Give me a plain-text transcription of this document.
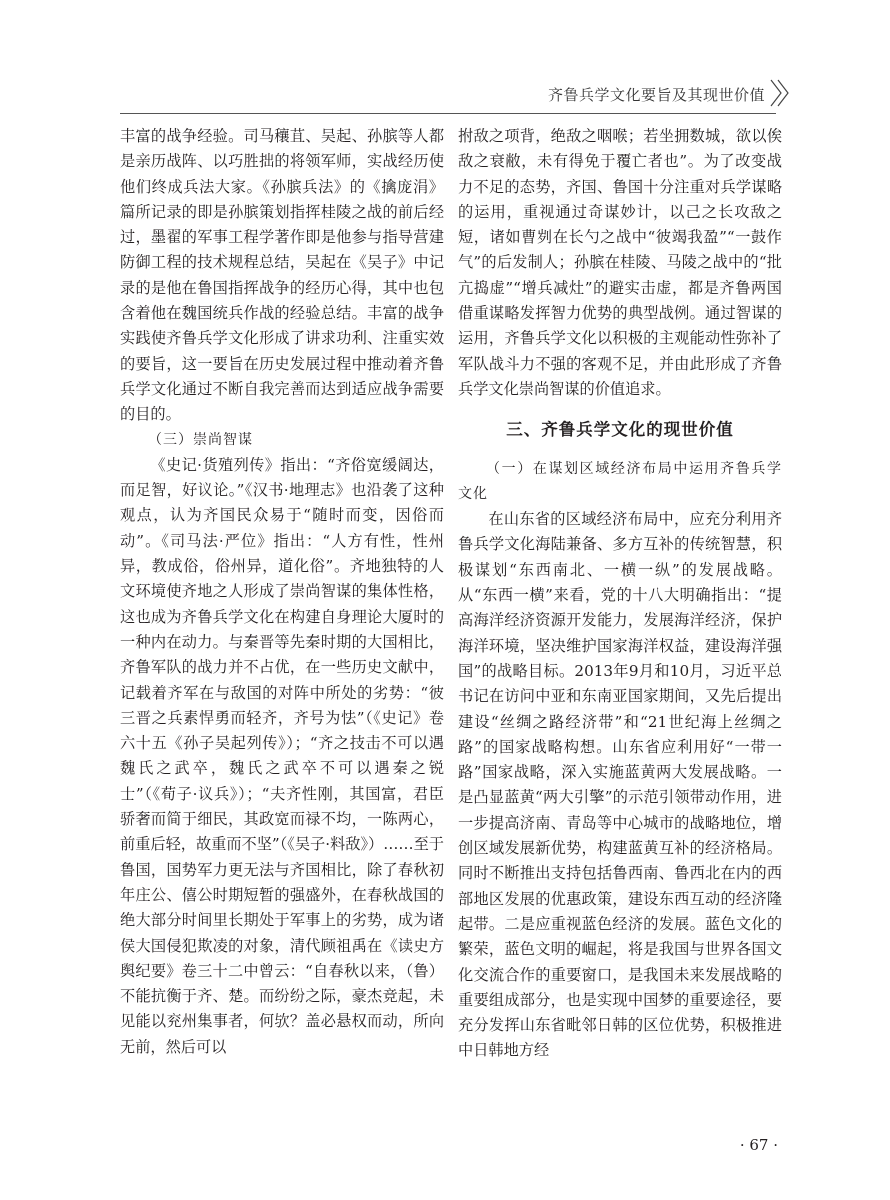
齐鲁兵学文化要旨及其现世价值

丰富的战争经验。司马穰苴、吴起、孙膑等人都是亲历战阵、以巧胜拙的将领军师，实战经历使他们终成兵法大家。《孙膑兵法》的《擒庞涓》篇所记录的即是孙膑策划指挥桂陵之战的前后经过，墨翟的军事工程学著作即是他参与指导营建防御工程的技术规程总结，吴起在《吴子》中记录的是他在鲁国指挥战争的经历心得，其中也包含着他在魏国统兵作战的经验总结。丰富的战争实践使齐鲁兵学文化形成了讲求功利、注重实效的要旨，这一要旨在历史发展过程中推动着齐鲁兵学文化通过不断自我完善而达到适应战争需要的目的。

（三）崇尚智谋

《史记·货殖列传》指出：“齐俗宽缓阔达，而足智，好议论。”《汉书·地理志》也沿袭了这种观点，认为齐国民众易于“随时而变，因俗而动”。《司马法·严位》指出：“人方有性，性州异，教成俗，俗州异，道化俗”。齐地独特的人文环境使齐地之人形成了崇尚智谋的集体性格，这也成为齐鲁兵学文化在构建自身理论大厦时的一种内在动力。与秦晋等先秦时期的大国相比，齐鲁军队的战力并不占优，在一些历史文献中，记载着齐军在与敌国的对阵中所处的劣势：“彼三晋之兵素悍勇而轻齐，齐号为怯”（《史记》卷六十五《孙子吴起列传》）；“齐之技击不可以遇魏氏之武卒，魏氏之武卒不可以遇秦之锐士”（《荀子·议兵》）；“夫齐性刚，其国富，君臣骄奢而简于细民，其政宽而禄不均，一陈两心，前重后轻，故重而不坚”（《吴子·料敌》）……至于鲁国，国势军力更无法与齐国相比，除了春秋初年庄公、僖公时期短暂的强盛外，在春秋战国的绝大部分时间里长期处于军事上的劣势，成为诸侯大国侵犯欺凌的对象，清代顾祖禹在《读史方舆纪要》卷三十二中曾云：“自春秋以来，（鲁）不能抗衡于齐、楚。而纷纷之际，豪杰竞起，未见能以兖州集事者，何欤？盖必悬权而动，所向无前，然后可以

拊敌之项背，绝敌之咽喉；若坐拥数城，欲以俟敌之衰敝，未有得免于覆亡者也”。为了改变战力不足的态势，齐国、鲁国十分注重对兵学谋略的运用，重视通过奇谋妙计，以己之长攻敌之短，诸如曹刿在长勺之战中“彼竭我盈”“一鼓作气”的后发制人；孙膑在桂陵、马陵之战中的“批亢捣虚”“增兵减灶”的避实击虚，都是齐鲁两国借重谋略发挥智力优势的典型战例。通过智谋的运用，齐鲁兵学文化以积极的主观能动性弥补了军队战斗力不强的客观不足，并由此形成了齐鲁兵学文化崇尚智谋的价值追求。

三、齐鲁兵学文化的现世价值

（一）在谋划区域经济布局中运用齐鲁兵学文化

在山东省的区域经济布局中，应充分利用齐鲁兵学文化海陆兼备、多方互补的传统智慧，积极谋划“东西南北、一横一纵”的发展战略。从“东西一横”来看，党的十八大明确指出：“提高海洋经济资源开发能力，发展海洋经济，保护海洋环境，坚决维护国家海洋权益，建设海洋强国”的战略目标。2013年9月和10月，习近平总书记在访问中亚和东南亚国家期间，又先后提出建设“丝绸之路经济带”和“21世纪海上丝绸之路”的国家战略构想。山东省应利用好“一带一路”国家战略，深入实施蓝黄两大发展战略。一是凸显蓝黄“两大引擎”的示范引领带动作用，进一步提高济南、青岛等中心城市的战略地位，增创区域发展新优势，构建蓝黄互补的经济格局。同时不断推出支持包括鲁西南、鲁西北在内的西部地区发展的优惠政策，建设东西互动的经济隆起带。二是应重视蓝色经济的发展。蓝色文化的繁荣，蓝色文明的崛起，将是我国与世界各国文化交流合作的重要窗口，是我国未来发展战略的重要组成部分，也是实现中国梦的重要途径，要充分发挥山东省毗邻日韩的区位优势，积极推进中日韩地方经

· 67 ·
